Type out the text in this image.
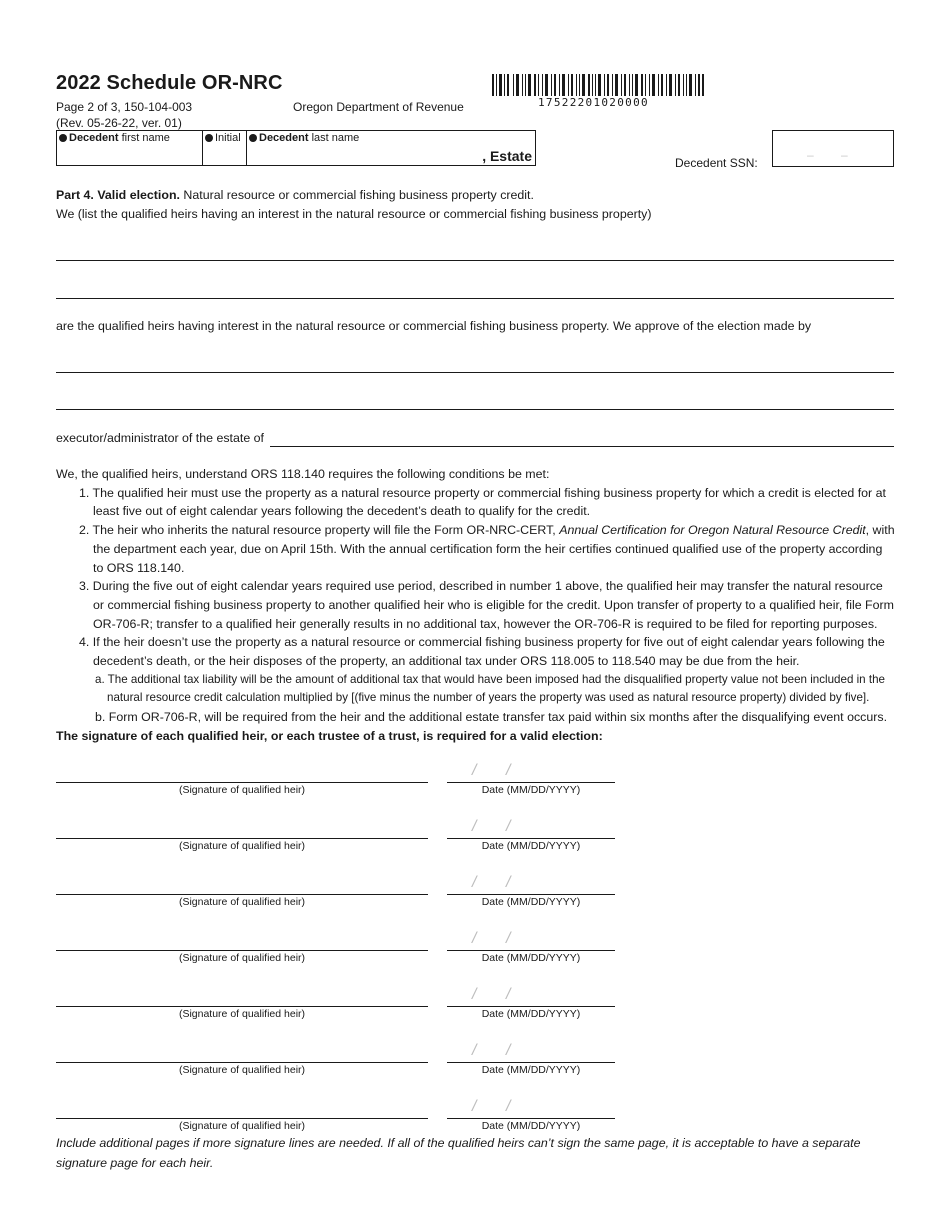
2022 Schedule OR-NRC
Page 2 of 3, 150-104-003
(Rev. 05-26-22, ver. 01)
Oregon Department of Revenue	17522201020000
Decedent first name	Initial	Decedent last name
, Estate	Decedent SSN:
– –
Part 4. Valid election. Natural resource or commercial fishing business property credit.
We (list the qualified heirs having an interest in the natural resource or commercial fishing business property)
are the qualified heirs having interest in the natural resource or commercial fishing business property. We approve of the election made by
executor/administrator of the estate of

We, the qualified heirs, understand ORS 118.140 requires the following conditions be met:

1. The qualified heir must use the property as a natural resource property or commercial fishing business property for which a credit is elected for at least five out of eight calendar years following the decedent’s death to qualify for the credit.

2. The heir who inherits the natural resource property will file the Form OR-NRC-CERT, Annual Certification for Oregon Natural Resource Credit, with the department each year, due on April 15th. With the annual certification form the heir certifies continued qualified use of the property according to ORS 118.140.

3. During the five out of eight calendar years required use period, described in number 1 above, the qualified heir may transfer the natural resource or commercial fishing business property to another qualified heir who is eligible for the credit. Upon transfer of property to a qualified heir, file Form OR-706-R; transfer to a qualified heir generally results in no additional tax, however the OR-706-R is required to be filed for reporting purposes.

4. If the heir doesn’t use the property as a natural resource or commercial fishing business property for five out of eight calendar years following the decedent’s death, or the heir disposes of the property, an additional tax under ORS 118.005 to 118.540 may be due from the heir.

a. The additional tax liability will be the amount of additional tax that would have been imposed had the disqualified property value not been included in the natural resource credit calculation multiplied by [(five minus the number of years the property was used as natural resource property) divided by five].

b. Form OR-706-R, will be required from the heir and the additional estate transfer tax paid within six months after the disqualifying event occurs.

The signature of each qualified heir, or each trustee of a trust, is required for a valid election:

(Signature of qualified heir)	Date (MM/DD/YYYY)
/ /
(Signature of qualified heir)	Date (MM/DD/YYYY)
/ /
(Signature of qualified heir)	Date (MM/DD/YYYY)
/ /
(Signature of qualified heir)	Date (MM/DD/YYYY)
/ /
(Signature of qualified heir)	Date (MM/DD/YYYY)
/ /
(Signature of qualified heir)	Date (MM/DD/YYYY)
/ /
(Signature of qualified heir)	Date (MM/DD/YYYY)
/ /
Include additional pages if more signature lines are needed. If all of the qualified heirs can’t sign the same page, it is acceptable to have a separate signature page for each heir.
